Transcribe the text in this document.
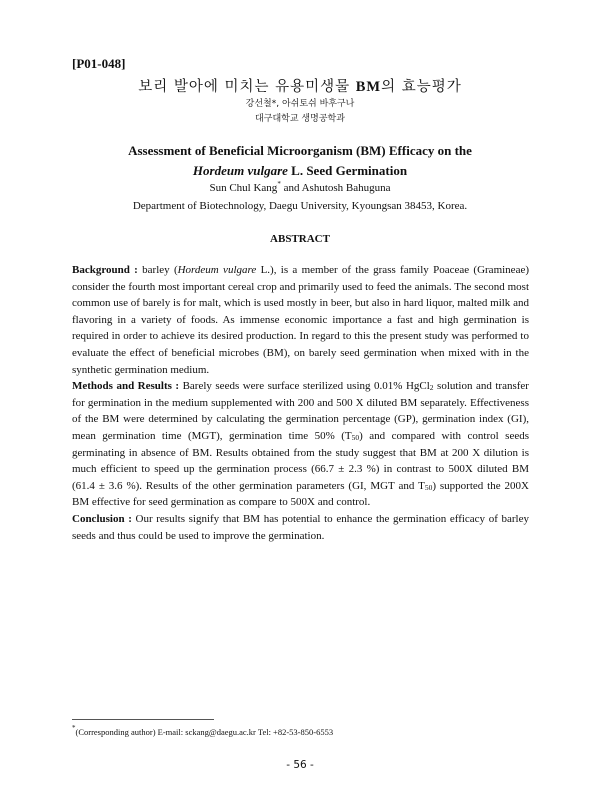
[P01-048]
보리 발아에 미치는 유용미생물 BM의 효능평가
강선철*, 아쉬토쉬 바후구나
대구대학교 생명공학과
Assessment of Beneficial Microorganism (BM) Efficacy on the
Hordeum vulgare L. Seed Germination
Sun Chul Kang* and Ashutosh Bahuguna
Department of Biotechnology, Daegu University, Kyoungsan 38453, Korea.
ABSTRACT

Background : barley (Hordeum vulgare L.), is a member of the grass family Poaceae (Gramineae) consider the fourth most important cereal crop and primarily used to feed the animals. The second most common use of barely is for malt, which is used mostly in beer, but also in hard liquor, malted milk and flavoring in a variety of foods. As immense economic importance a fast and high germination is required in order to achieve its desired production. In regard to this the present study was performed to evaluate the effect of beneficial microbes (BM), on barely seed germination when mixed with in the synthetic germination medium.

Methods and Results : Barely seeds were surface sterilized using 0.01% HgCl$_2$ solution and transfer for germination in the medium supplemented with 200 and 500 X diluted BM separately. Effectiveness of the BM were determined by calculating the germination percentage (GP), germination index (GI), mean germination time (MGT), germination time 50% $(T_{50})$ and compared with control seeds germinating in absence of BM. Results obtained from the study suggest that BM at 200 X dilution is much efficient to speed up the germination process (66.7 ± 2.3 %) in contrast to 500X diluted BM (61.4 ± 3.6 %). Results of the other germination parameters (GI, MGT and $T_{50}$) supported the 200X BM effective for seed germination as compare to 500X and control.

Conclusion : Our results signify that BM has potential to enhance the germination efficacy of barley seeds and thus could be used to improve the germination.

*(Corresponding author) E-mail: sckang@daegu.ac.kr Tel: +82-53-850-6553
- 56 -
